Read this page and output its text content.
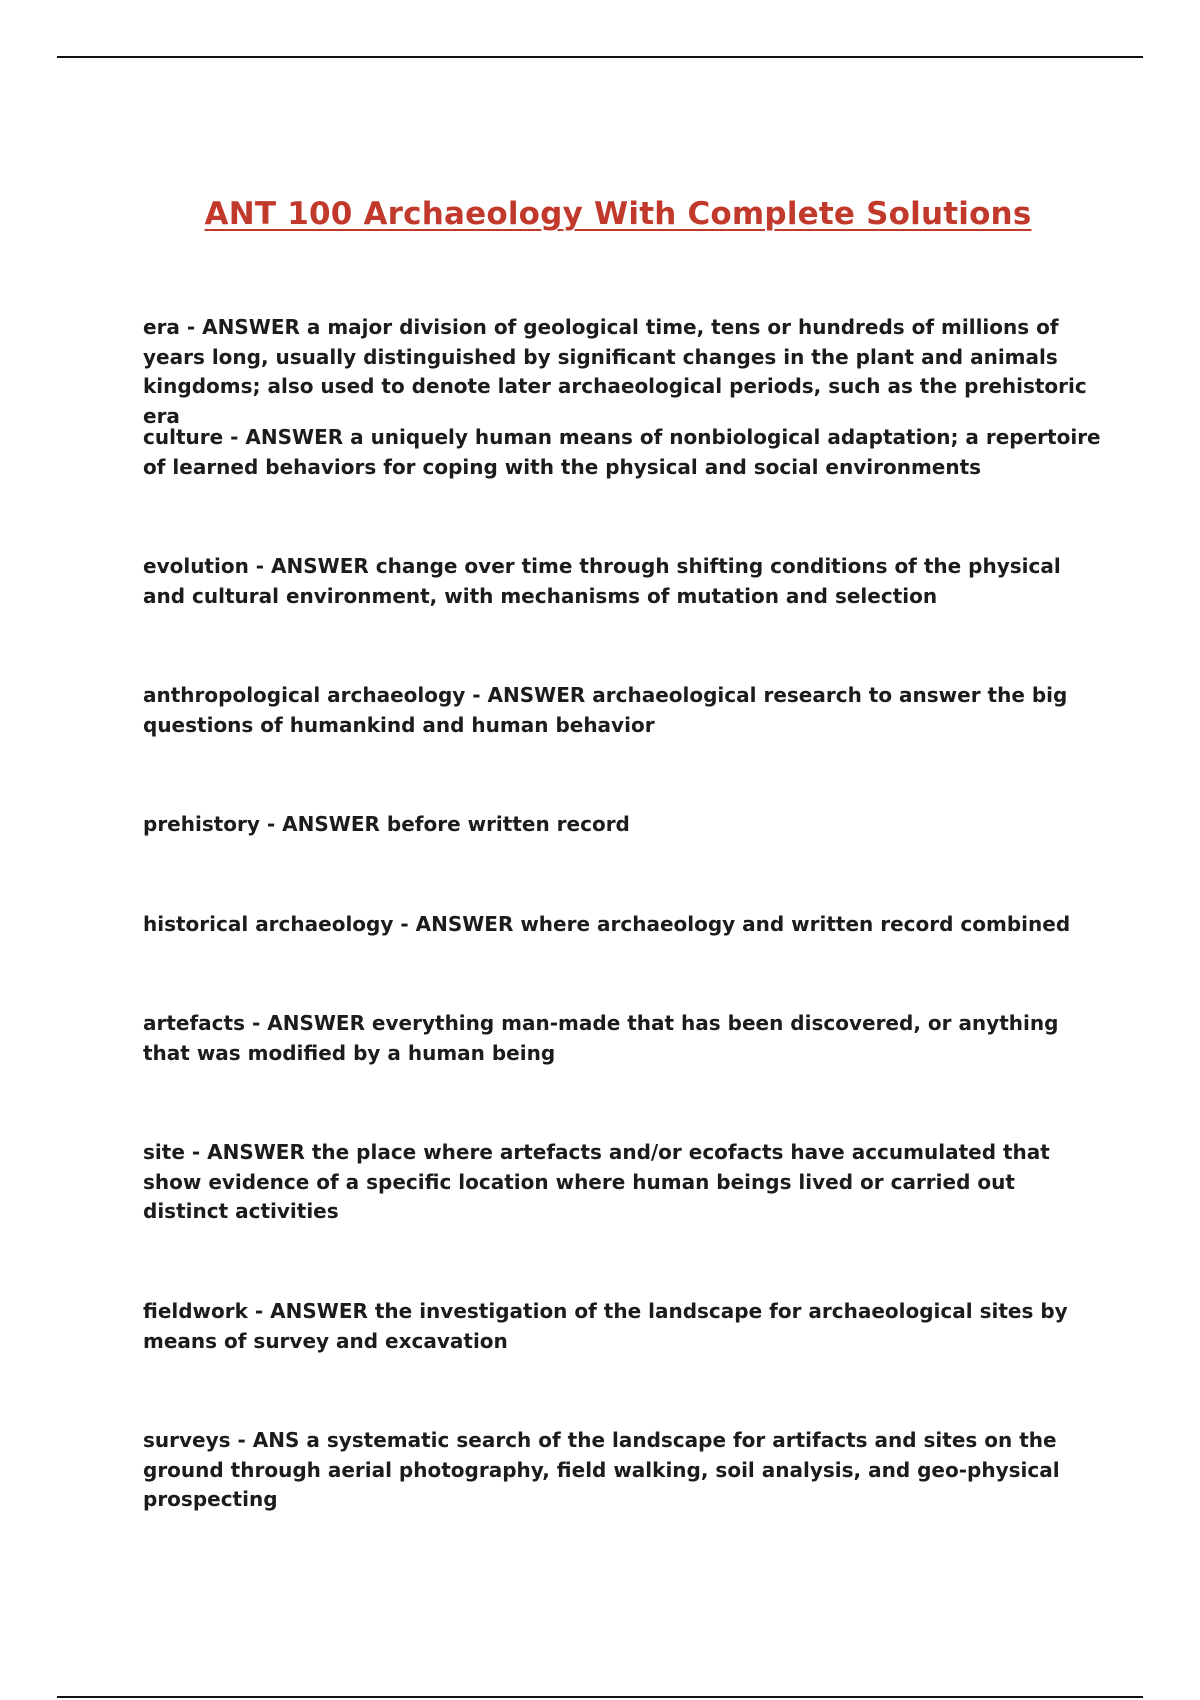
ANT 100 Archaeology With Complete Solutions
era - ANSWER a major division of geological time, tens or hundreds of millions of years long, usually distinguished by significant changes in the plant and animals kingdoms; also used to denote later archaeological periods, such as the prehistoric era
culture - ANSWER a uniquely human means of nonbiological adaptation; a repertoire of learned behaviors for coping with the physical and social environments
evolution - ANSWER change over time through shifting conditions of the physical and cultural environment, with mechanisms of mutation and selection
anthropological archaeology - ANSWER archaeological research to answer the big questions of humankind and human behavior
prehistory - ANSWER before written record
historical archaeology - ANSWER where archaeology and written record combined
artefacts - ANSWER everything man-made that has been discovered, or anything that was modified by a human being
site - ANSWER the place where artefacts and/or ecofacts have accumulated that show evidence of a specific location where human beings lived or carried out distinct activities
fieldwork - ANSWER the investigation of the landscape for archaeological sites by means of survey and excavation
surveys - ANS a systematic search of the landscape for artifacts and sites on the ground through aerial photography, field walking, soil analysis, and geo-physical prospecting
